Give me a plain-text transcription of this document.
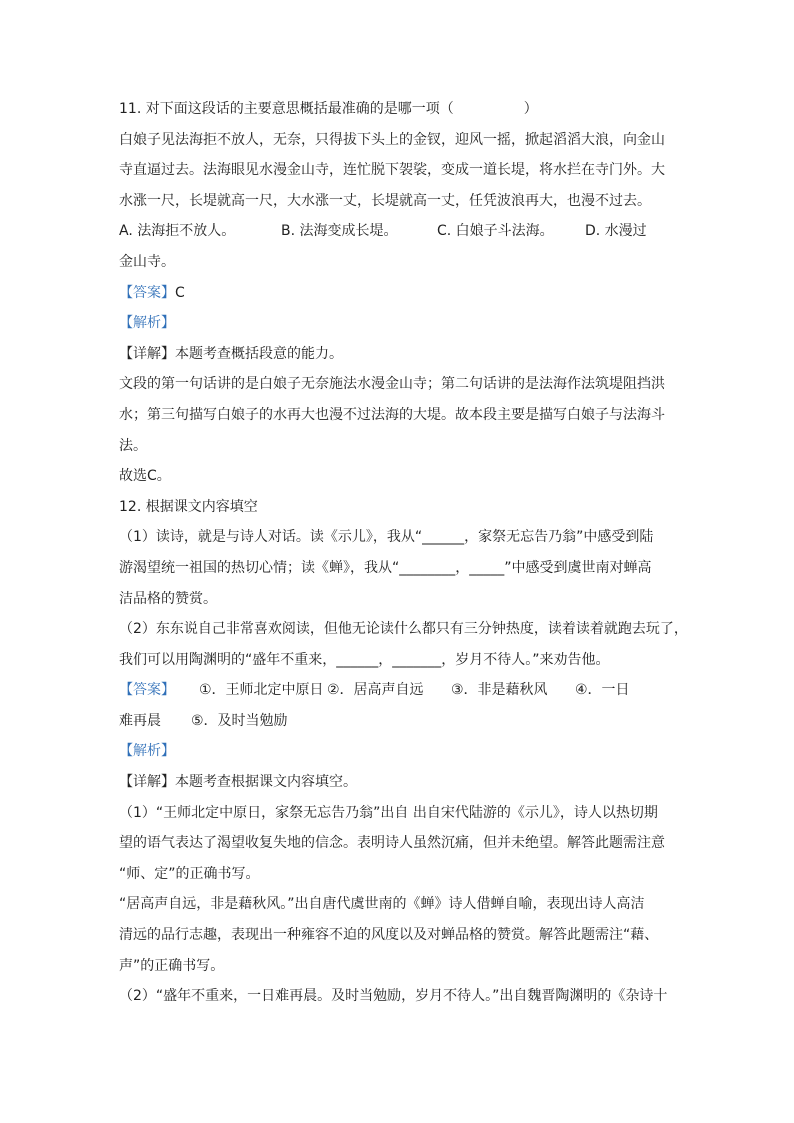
11. 对下面这段话的主要意思概括最准确的是哪一项（　　　　　）
白娘子见法海拒不放人，无奈，只得拔下头上的金钗，迎风一摇，掀起滔滔大浪，向金山
寺直逼过去。法海眼见水漫金山寺，连忙脱下袈裟，变成一道长堤，将水拦在寺门外。大
水涨一尺，长堤就高一尺，大水涨一丈，长堤就高一丈，任凭波浪再大，也漫不过去。
A. 法海拒不放人。	B. 法海变成长堤。	C. 白娘子斗法海。 D. 水漫过
金山寺。
【答案】C
【解析】
【详解】本题考查概括段意的能力。
文段的第一句话讲的是白娘子无奈施法水漫金山寺；第二句话讲的是法海作法筑堤阻挡洪
水；第三句描写白娘子的水再大也漫不过法海的大堤。故本段主要是描写白娘子与法海斗
法。
故选C。
12. 根据课文内容填空
（1）读诗，就是与诗人对话。读《示儿》，我从“______，家祭无忘告乃翁”中感受到陆
游渴望统一祖国的热切心情；读《蝉》，我从“________，_____”中感受到虞世南对蝉高
洁品格的赞赏。
（2）东东说自己非常喜欢阅读，但他无论读什么都只有三分钟热度，读着读着就跑去玩了，
我们可以用陶渊明的“盛年不重来，______，_______，岁月不待人。”来劝告他。
【答案】 ①．王师北定中原日 ②．居高声自远 ③．非是藉秋风 ④．一日
难再晨 ⑤．及时当勉励
【解析】
【详解】本题考查根据课文内容填空。
（1）“王师北定中原日，家祭无忘告乃翁”出自 出自宋代陆游的《示儿》，诗人以热切期
望的语气表达了渴望收复失地的信念。表明诗人虽然沉痛，但并未绝望。解答此题需注意
“师、定”的正确书写。
“居高声自远，非是藉秋风。”出自唐代虞世南的《蝉》诗人借蝉自喻，表现出诗人高洁
清远的品行志趣，表现出一种雍容不迫的风度以及对蝉品格的赞赏。解答此题需注“藉、
声”的正确书写。
（2）“盛年不重来，一日难再晨。及时当勉励，岁月不待人。”出自魏晋陶渊明的《杂诗十
